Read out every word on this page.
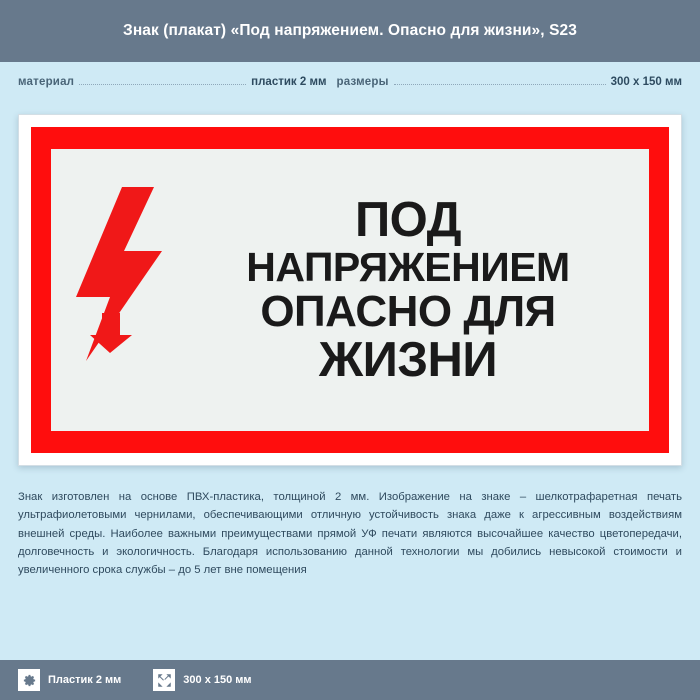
Знак (плакат) «Под напряжением. Опасно для жизни», S23
материал	пластик 2 мм размеры	300 x 150 мм
ПОД
НАПРЯЖЕНИЕМ
ОПАСНО ДЛЯ
ЖИЗНИ
Знак изготовлен на основе ПВХ-пластика, толщиной 2 мм. Изображение на знаке – шелкотрафаретная печать ультрафиолетовыми чернилами, обеспечивающими отличную устойчивость знака даже к агрессивным воздействиям внешней среды. Наиболее важными преимуществами прямой УФ печати являются высочайшее качество цветопередачи, долговечность и экологичность. Благодаря использованию данной технологии мы добились невысокой стоимости и увеличенного срока службы – до 5 лет вне помещения
Пластик 2 мм	300 x 150 мм
